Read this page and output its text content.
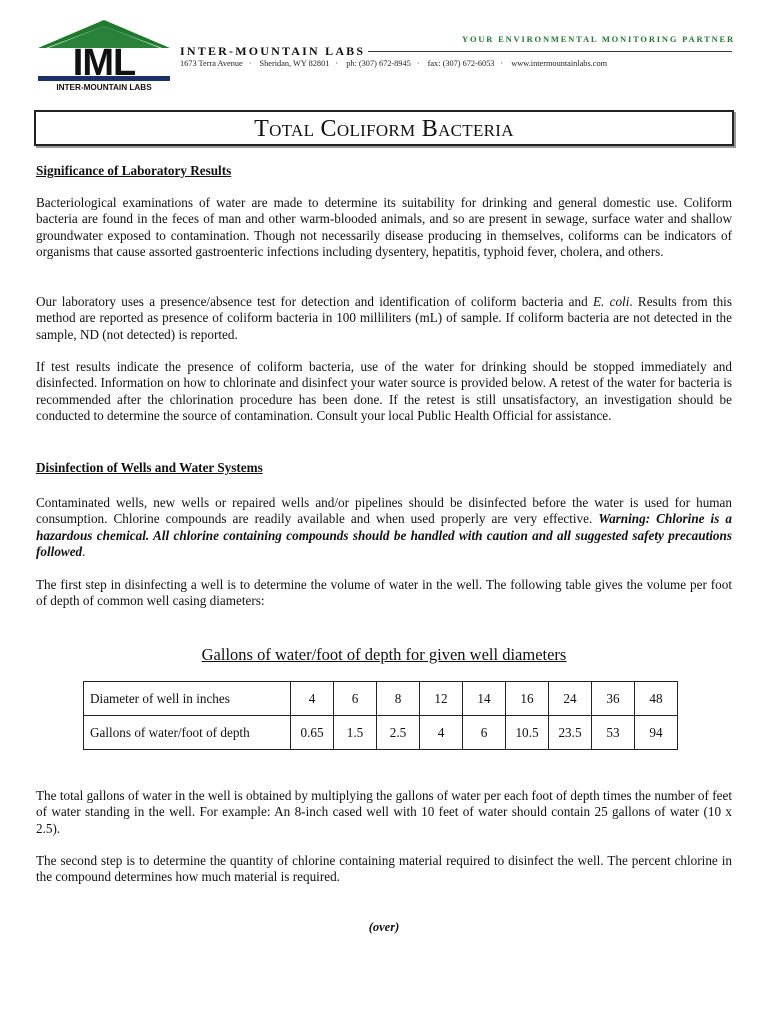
IML
INTER-MOUNTAIN LABS
INTER-MOUNTAIN LABS
YOUR ENVIRONMENTAL MONITORING PARTNER
1673 Terra Avenue · Sheridan, WY 82801 · ph: (307) 672-8945 · fax: (307) 672-6053 · www.intermountainlabs.com
Total Coliform Bacteria
Significance of Laboratory Results
Bacteriological examinations of water are made to determine its suitability for drinking and general domestic use. Coliform bacteria are found in the feces of man and other warm-blooded animals, and so are present in sewage, surface water and shallow groundwater exposed to contamination. Though not necessarily disease producing in themselves, coliforms can be indicators of organisms that cause assorted gastroenteric infections including dysentery, hepatitis, typhoid fever, cholera, and others.
Our laboratory uses a presence/absence test for detection and identification of coliform bacteria and E. coli. Results from this method are reported as presence of coliform bacteria in 100 milliliters (mL) of sample. If coliform bacteria are not detected in the sample, ND (not detected) is reported.
If test results indicate the presence of coliform bacteria, use of the water for drinking should be stopped immediately and disinfected. Information on how to chlorinate and disinfect your water source is provided below. A retest of the water for bacteria is recommended after the chlorination procedure has been done. If the retest is still unsatisfactory, an investigation should be conducted to determine the source of contamination. Consult your local Public Health Official for assistance.
Disinfection of Wells and Water Systems
Contaminated wells, new wells or repaired wells and/or pipelines should be disinfected before the water is used for human consumption. Chlorine compounds are readily available and when used properly are very effective. Warning: Chlorine is a hazardous chemical. All chlorine containing compounds should be handled with caution and all suggested safety precautions followed.
The first step in disinfecting a well is to determine the volume of water in the well. The following table gives the volume per foot of depth of common well casing diameters:
Gallons of water/foot of depth for given well diameters
Diameter of well in inches	4	6	8	12	14	16	24	36	48
Gallons of water/foot of depth	0.65	1.5	2.5	4	6	10.5	23.5	53	94
The total gallons of water in the well is obtained by multiplying the gallons of water per each foot of depth times the number of feet of water standing in the well. For example: An 8-inch cased well with 10 feet of water should contain 25 gallons of water (10 x 2.5).
The second step is to determine the quantity of chlorine containing material required to disinfect the well. The percent chlorine in the compound determines how much material is required.
(over)
